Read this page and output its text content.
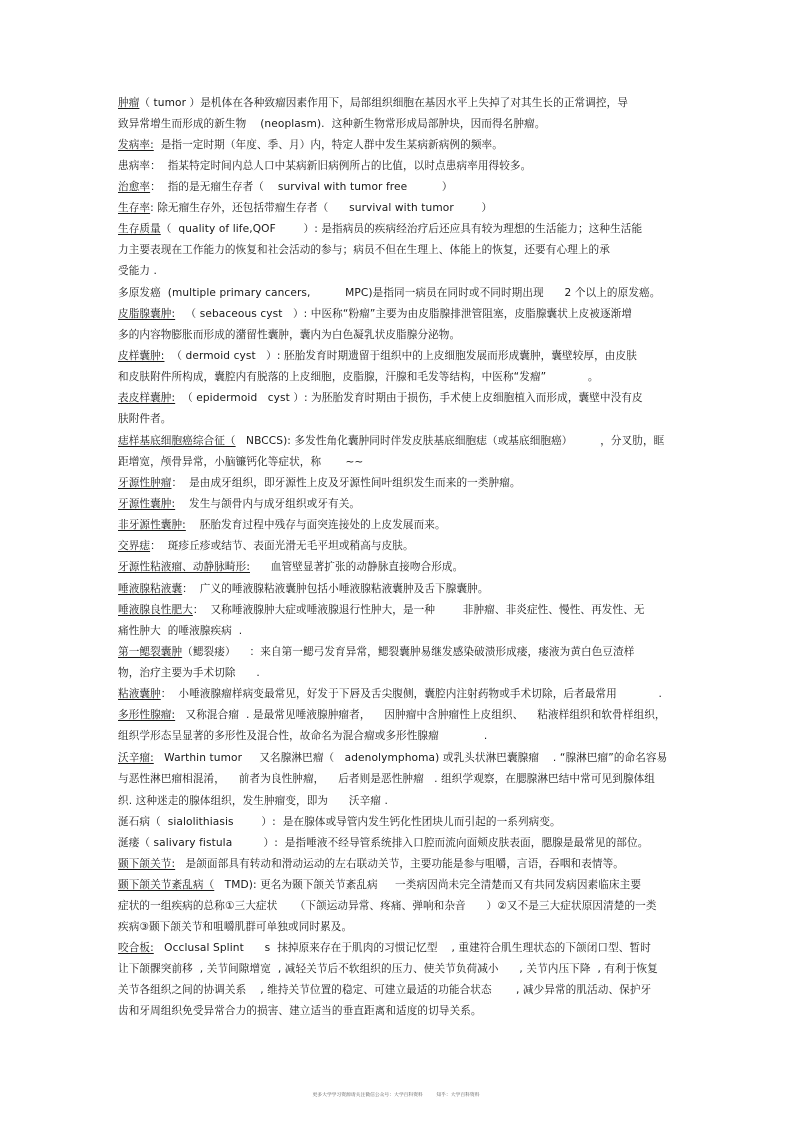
肿瘤（ tumor ）是机体在各种致瘤因素作用下，局部组织细胞在基因水平上失掉了对其生长的正常调控，导
致异常增生而形成的新生物    (neoplasm).  这种新生物常形成局部肿块，因而得名肿瘤。
发病率:  是指一定时期（年度、季、月）内，特定人群中发生某病新病例的频率。
患病率：  指某特定时间内总人口中某病新旧病例所占的比值，以时点患病率用得较多。
治愈率：  指的是无瘤生存者（    survival with tumor free          ）
生存率: 除无瘤生存外，还包括带瘤生存者（      survival with tumor        ）
生存质量（  quality of life,QOF        ）: 是指病员的疾病经治疗后还应具有较为理想的生活能力；这种生活能
力主要表现在工作能力的恢复和社会活动的参与；病员不但在生理上、体能上的恢复，还要有心理上的承
受能力 .
多原发癌  (multiple primary cancers,          MPC)是指同一病员在同时或不同时期出现      2 个以上的原发癌。
皮脂腺囊肿:   （ sebaceous cyst   ）: 中医称“粉瘤”主要为由皮脂腺排泄管阻塞，皮脂腺囊状上皮被逐渐增
多的内容物膨胀而形成的潴留性囊肿，囊内为白色凝乳状皮脂腺分泌物。
皮样囊肿:  （ dermoid cyst   ）: 胚胎发育时期遗留于组织中的上皮细胞发展而形成囊肿，囊壁较厚，由皮肤
和皮肤附件所构成，囊腔内有脱落的上皮细胞，皮脂腺，汗腺和毛发等结构，中医称“发瘤”            。
表皮样囊肿:  （ epidermoid   cyst ）: 为胚胎发育时期由于损伤，手术使上皮细胞植入而形成，囊壁中没有皮
肤附件者。
痣样基底细胞癌综合征（   NBCCS): 多发性角化囊肿同时伴发皮肤基底细胞痣（或基底细胞癌）        ，分叉肋，眶
距增宽，颅骨异常，小脑镰钙化等症状，称       ~~
牙源性肿瘤：  是由成牙组织，即牙源性上皮及牙源性间叶组织发生而来的一类肿瘤。
牙源性囊肿:    发生与颌骨内与成牙组织或牙有关。
非牙源性囊肿:    胚胎发育过程中残存与面突连接处的上皮发展而来。
交界痣：  斑疹丘疹或结节、表面光滑无毛平坦或稍高与皮肤。
牙源性粘液瘤、动静脉畸形:      血管壁显著扩张的动静脉直接吻合形成。
唾液腺粘液囊：  广义的唾液腺粘液囊肿包括小唾液腺粘液囊肿及舌下腺囊肿。
唾液腺良性肥大：  又称唾液腺肿大症或唾液腺退行性肿大，是一种        非肿瘤、非炎症性、慢性、再发性、无
痛性肿大  的唾液腺疾病  .
第一鳃裂囊肿（鳃裂瘘）    ：来自第一鳃弓发育异常，鳃裂囊肿易继发感染破溃形成瘘，瘘液为黄白色豆渣样
物，治疗主要为手术切除      .
粘液囊肿：  小唾液腺瘤样病变最常见，好发于下唇及舌尖腹侧，囊腔内注射药物或手术切除，后者最常用            .
多形性腺瘤:   又称混合瘤  . 是最常见唾液腺肿瘤者，    因肿瘤中含肿瘤性上皮组织、    粘液样组织和软骨样组织，
组织学形态呈显著的多形性及混合性，故命名为混合瘤或多形性腺瘤             .
沃辛瘤:   Warthin tumor     又名腺淋巴瘤（   adenolymphoma) 或乳头状淋巴囊腺瘤    . “腺淋巴瘤”的命名容易
与恶性淋巴瘤相混淆，    前者为良性肿瘤，    后者则是恶性肿瘤   . 组织学观察，在腮腺淋巴结中常可见到腺体组
织. 这种迷走的腺体组织，发生肿瘤变，即为      沃辛瘤 .
涎石病（  sialolithiasis        ）:  是在腺体或导管内发生钙化性团块儿而引起的一系列病变。
涎瘘（ salivary fistula         ）:  是指唾液不经导管系统排入口腔而流向面颊皮肤表面，腮腺是最常见的部位。
颞下颌关节:   是颌面部具有转动和滑动运动的左右联动关节，主要功能是参与咀嚼，言语，吞咽和表情等。
颞下颌关节紊乱病（   TMD): 更名为颞下颌关节紊乱病     一类病因尚未完全清楚而又有共同发病因素临床主要
症状的一组疾病的总称①三大症状     （下颌运动异常、疼痛、弹响和杂音      ）②又不是三大症状原因清楚的一类
疾病③颞下颌关节和咀嚼肌群可单独或同时累及。
咬合板:   Occlusal Splint      s  抹掉原来存在于肌肉的习惯记忆型    , 重建符合肌生理状态的下颌闭口型、暂时
让下颌髁突前移  , 关节间隙增宽  , 减轻关节后不软组织的压力、使关节负荷减小      , 关节内压下降  , 有利于恢复
关节各组织之间的协调关系    , 维持关节位置的稳定、可建立最适的功能合状态       , 减少异常的肌活动、保护牙
齿和牙周组织免受异常合力的损害、建立适当的垂直距离和适度的切导关系。
更多大学学习资源请关注微信公众号：大学百科资料	知乎：大学百科资料
